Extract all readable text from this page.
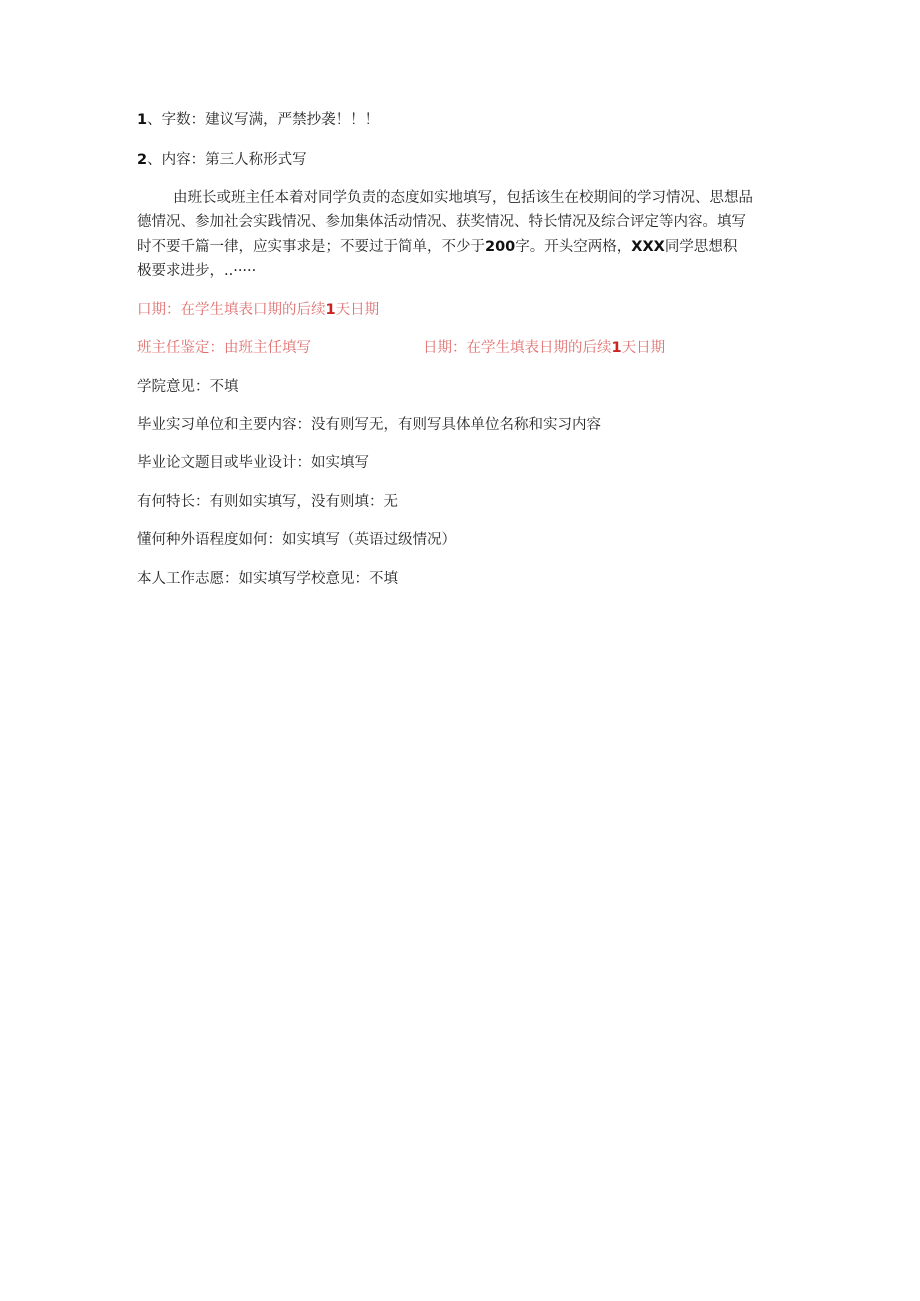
1、字数：建议写满，严禁抄袭！！！
2、内容：第三人称形式写
由班长或班主任本着对同学负责的态度如实地填写，包括该生在校期间的学习情况、思想品
德情况、参加社会实践情况、参加集体活动情况、获奖情况、特长情况及综合评定等内容。填写
时不要千篇一律，应实事求是；不要过于简单，不少于200字。开头空两格，XXX同学思想积
极要求进步，..·····
口期：在学生填表口期的后续1天日期
班主任鉴定：由班主任填写	日期：在学生填表日期的后续1天日期
学院意见：不填
毕业实习单位和主要内容：没有则写无，有则写具体单位名称和实习内容
毕业论文题目或毕业设计：如实填写
有何特长：有则如实填写，没有则填：无
懂何种外语程度如何：如实填写（英语过级情况）
本人工作志愿：如实填写学校意见：不填
